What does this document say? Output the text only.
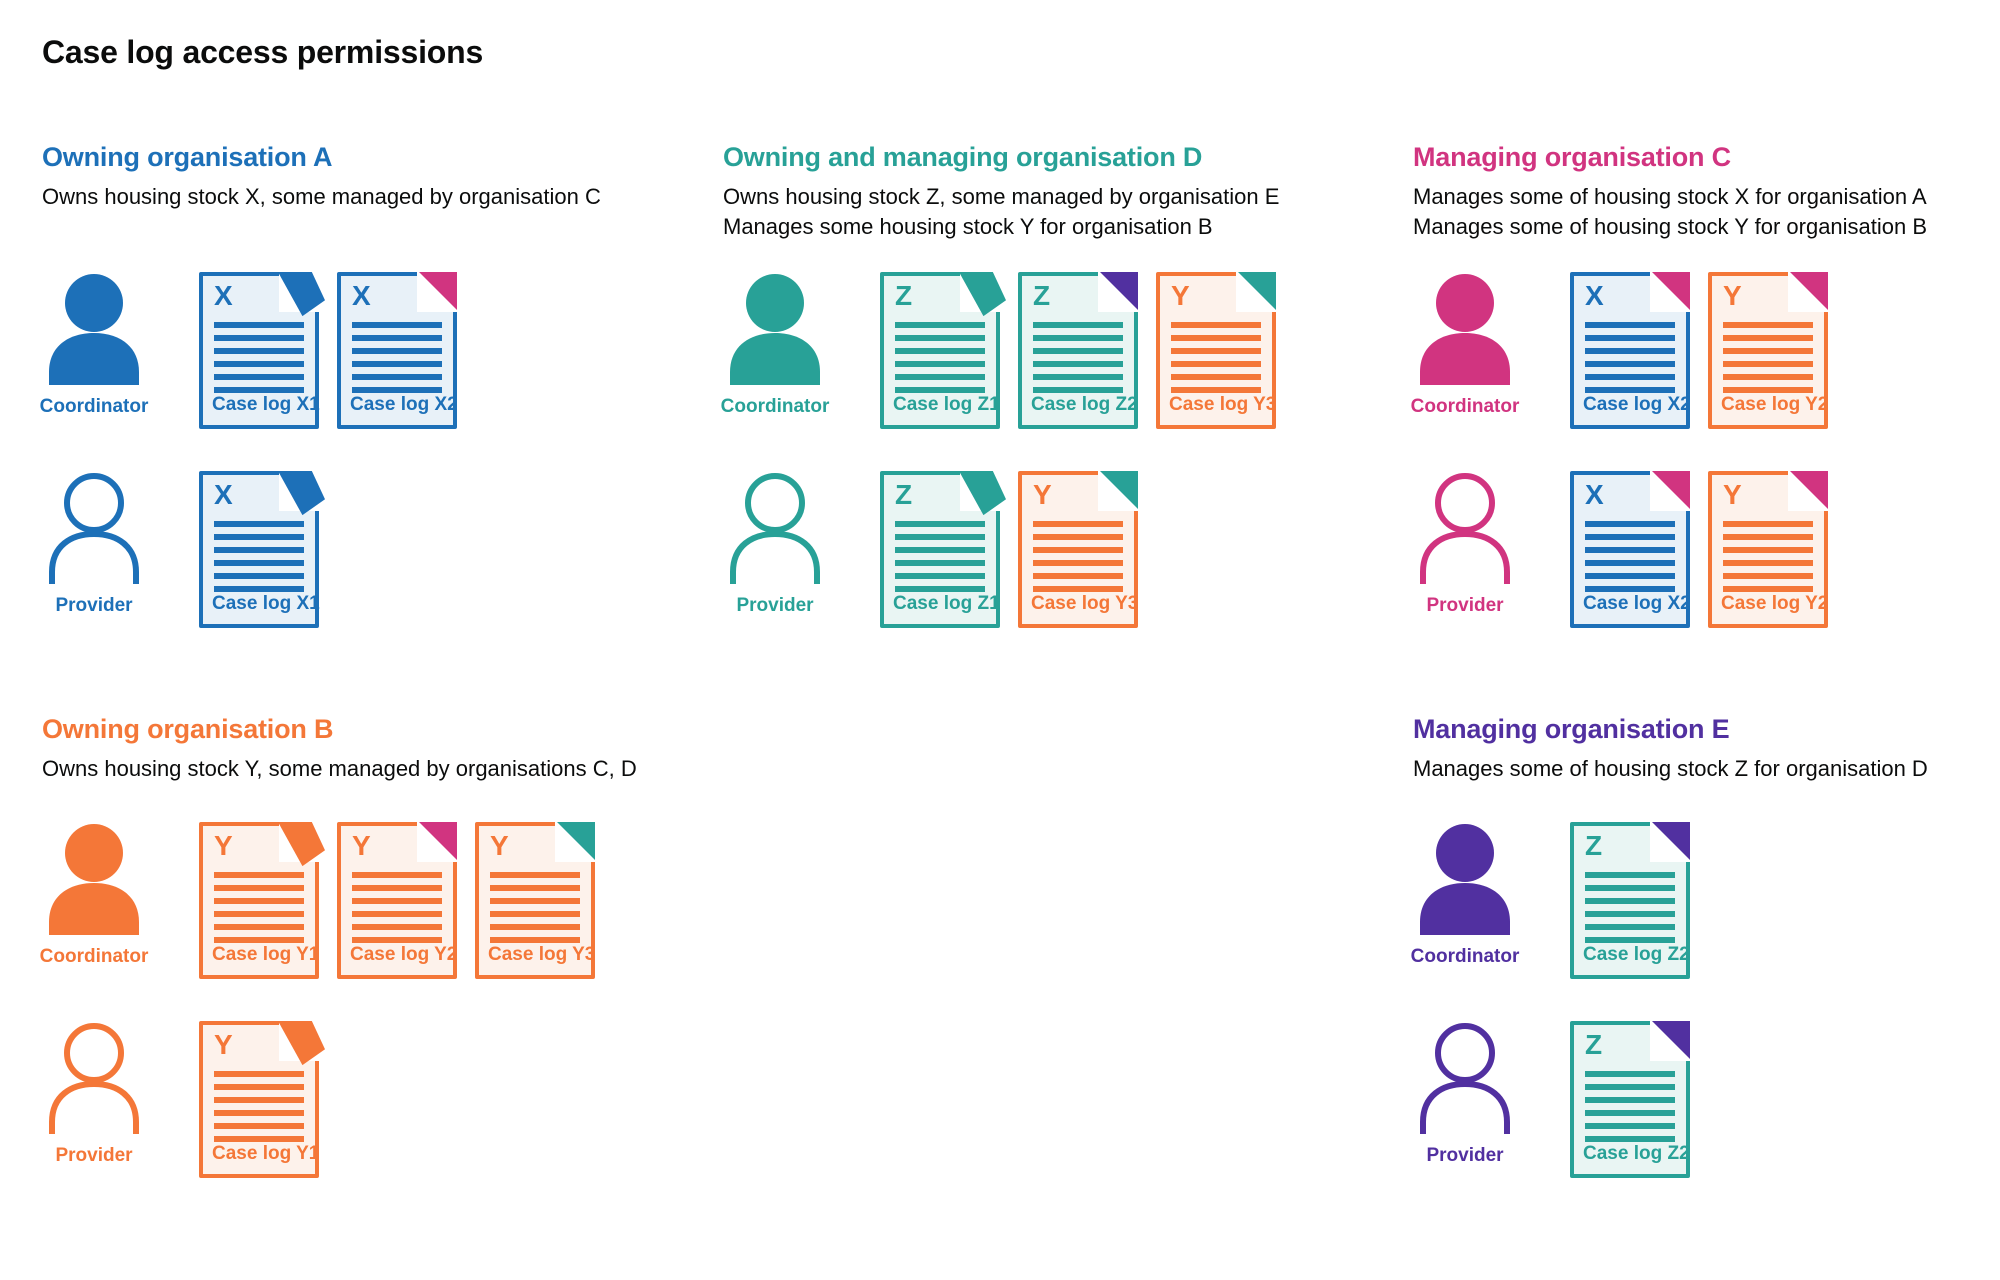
Case log access permissions
Owning organisation A

Owns housing stock X, some managed by organisation C

Coordinator
X
Case log X1
X
Case log X2
Provider
X
Case log X1
Owning and managing organisation D

Owns housing stock Z, some managed by organisation E

Manages some housing stock Y for organisation B

Coordinator
Z
Case log Z1
Z
Case log Z2
Y
Case log Y3
Provider
Z
Case log Z1
Y
Case log Y3
Managing organisation C

Manages some of housing stock X for organisation A

Manages some of housing stock Y for organisation B

Coordinator
X
Case log X2
Y
Case log Y2
Provider
X
Case log X2
Y
Case log Y2
Owning organisation B

Owns housing stock Y, some managed by organisations C, D

Coordinator
Y
Case log Y1
Y
Case log Y2
Y
Case log Y3
Provider
Y
Case log Y1
Managing organisation E

Manages some of housing stock Z for organisation D

Coordinator
Z
Case log Z2
Provider
Z
Case log Z2
